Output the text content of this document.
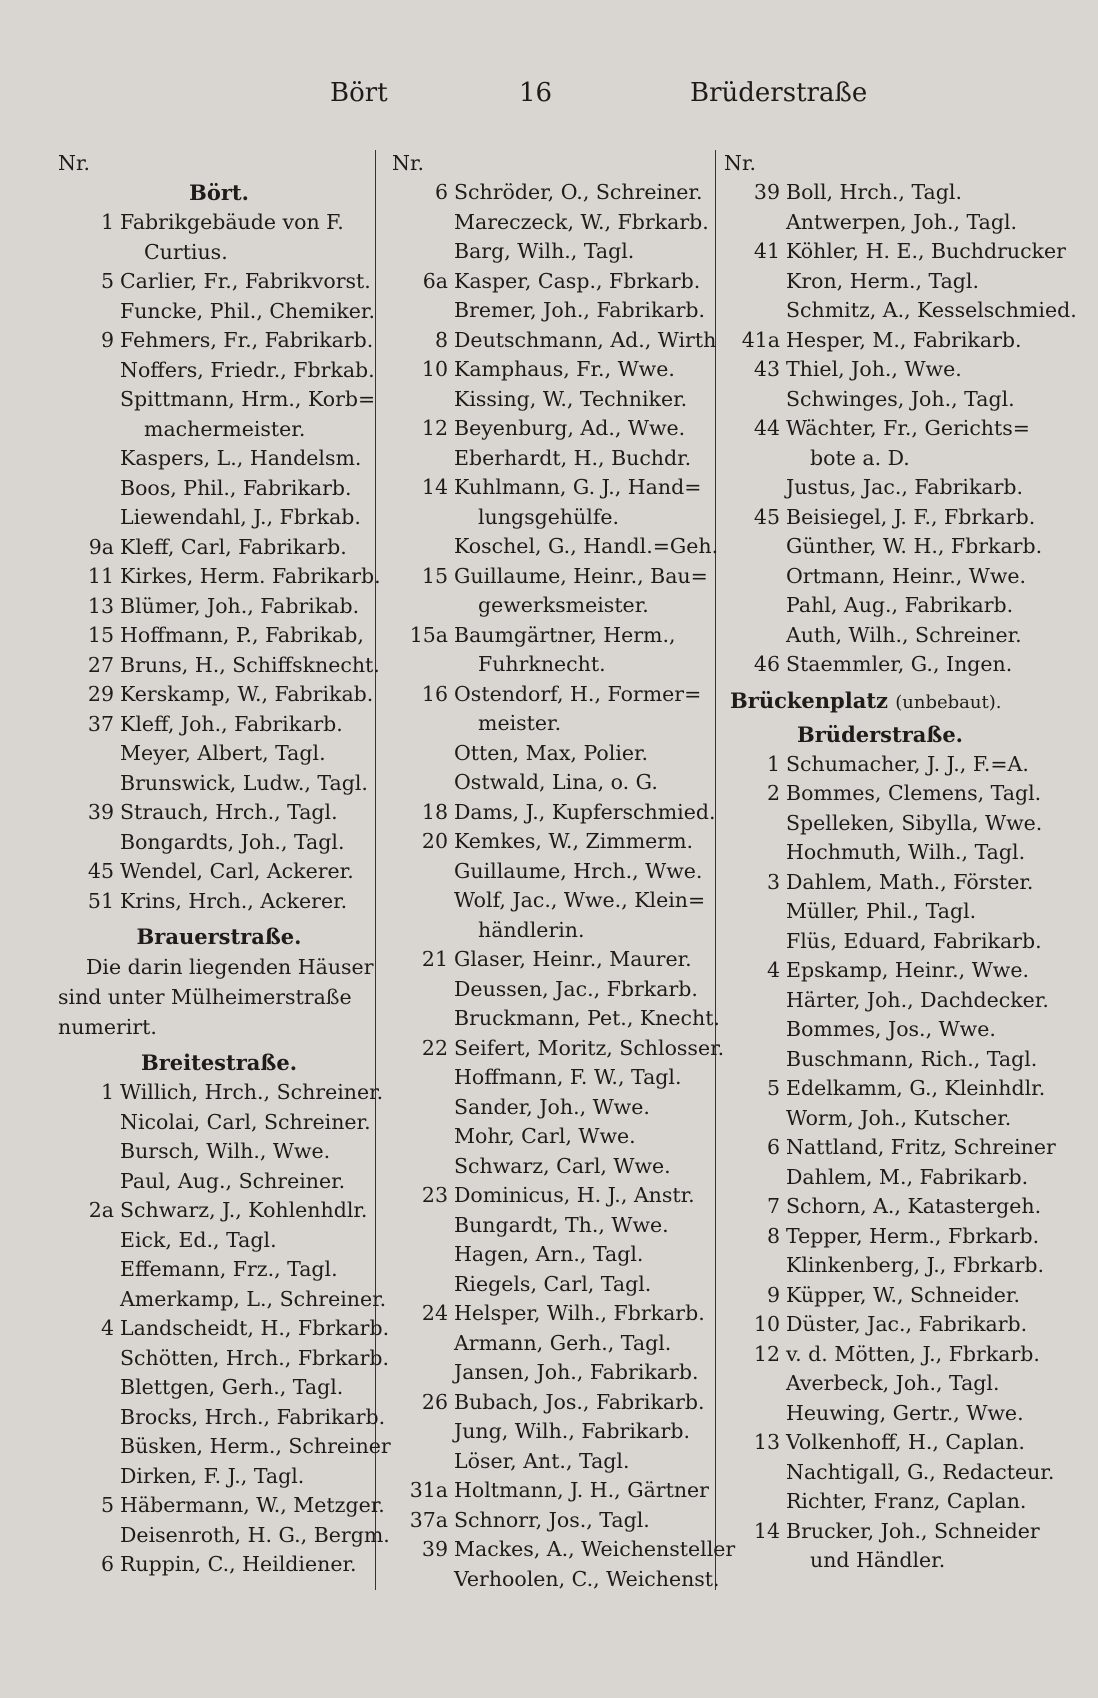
Bört	16	Brüderstraße
Nr.
Bört.
1 Fabrikgebäude von F.
Curtius.
5 Carlier, Fr., Fabrikvorst.
Funcke, Phil., Chemiker.
9 Fehmers, Fr., Fabrikarb.
Noffers, Friedr., Fbrkab.
Spittmann, Hrm., Korb=
machermeister.
Kaspers, L., Handelsm.
Boos, Phil., Fabrikarb.
Liewendahl, J., Fbrkab.
9a Kleff, Carl, Fabrikarb.
11 Kirkes, Herm. Fabrikarb.
13 Blümer, Joh., Fabrikab.
15 Hoffmann, P., Fabrikab,
27 Bruns, H., Schiffsknecht.
29 Kerskamp, W., Fabrikab.
37 Kleff, Joh., Fabrikarb.
Meyer, Albert, Tagl.
Brunswick, Ludw., Tagl.
39 Strauch, Hrch., Tagl.
Bongardts, Joh., Tagl.
45 Wendel, Carl, Ackerer.
51 Krins, Hrch., Ackerer.
Brauerstraße.
Die darin liegenden Häuser
sind unter Mülheimerstraße
numerirt.
Breitestraße.
1 Willich, Hrch., Schreiner.
Nicolai, Carl, Schreiner.
Bursch, Wilh., Wwe.
Paul, Aug., Schreiner.
2a Schwarz, J., Kohlenhdlr.
Eick, Ed., Tagl.
Effemann, Frz., Tagl.
Amerkamp, L., Schreiner.
4 Landscheidt, H., Fbrkarb.
Schötten, Hrch., Fbrkarb.
Blettgen, Gerh., Tagl.
Brocks, Hrch., Fabrikarb.
Büsken, Herm., Schreiner
Dirken, F. J., Tagl.
5 Häbermann, W., Metzger.
Deisenroth, H. G., Bergm.
6 Ruppin, C., Heildiener.
Nr.
6 Schröder, O., Schreiner.
Mareczeck, W., Fbrkarb.
Barg, Wilh., Tagl.
6a Kasper, Casp., Fbrkarb.
Bremer, Joh., Fabrikarb.
8 Deutschmann, Ad., Wirth
10 Kamphaus, Fr., Wwe.
Kissing, W., Techniker.
12 Beyenburg, Ad., Wwe.
Eberhardt, H., Buchdr.
14 Kuhlmann, G. J., Hand=
lungsgehülfe.
Koschel, G., Handl.=Geh.
15 Guillaume, Heinr., Bau=
gewerksmeister.
15a Baumgärtner, Herm.,
Fuhrknecht.
16 Ostendorf, H., Former=
meister.
Otten, Max, Polier.
Ostwald, Lina, o. G.
18 Dams, J., Kupferschmied.
20 Kemkes, W., Zimmerm.
Guillaume, Hrch., Wwe.
Wolf, Jac., Wwe., Klein=
händlerin.
21 Glaser, Heinr., Maurer.
Deussen, Jac., Fbrkarb.
Bruckmann, Pet., Knecht.
22 Seifert, Moritz, Schlosser.
Hoffmann, F. W., Tagl.
Sander, Joh., Wwe.
Mohr, Carl, Wwe.
Schwarz, Carl, Wwe.
23 Dominicus, H. J., Anstr.
Bungardt, Th., Wwe.
Hagen, Arn., Tagl.
Riegels, Carl, Tagl.
24 Helsper, Wilh., Fbrkarb.
Armann, Gerh., Tagl.
Jansen, Joh., Fabrikarb.
26 Bubach, Jos., Fabrikarb.
Jung, Wilh., Fabrikarb.
Löser, Ant., Tagl.
31a Holtmann, J. H., Gärtner
37a Schnorr, Jos., Tagl.
39 Mackes, A., Weichensteller
Verhoolen, C., Weichenst.
Nr.
39 Boll, Hrch., Tagl.
Antwerpen, Joh., Tagl.
41 Köhler, H. E., Buchdrucker
Kron, Herm., Tagl.
Schmitz, A., Kesselschmied.
41a Hesper, M., Fabrikarb.
43 Thiel, Joh., Wwe.
Schwinges, Joh., Tagl.
44 Wächter, Fr., Gerichts=
bote a. D.
Justus, Jac., Fabrikarb.
45 Beisiegel, J. F., Fbrkarb.
Günther, W. H., Fbrkarb.
Ortmann, Heinr., Wwe.
Pahl, Aug., Fabrikarb.
Auth, Wilh., Schreiner.
46 Staemmler, G., Ingen.
Brückenplatz (unbebaut).
Brüderstraße.
1 Schumacher, J. J., F.=A.
2 Bommes, Clemens, Tagl.
Spelleken, Sibylla, Wwe.
Hochmuth, Wilh., Tagl.
3 Dahlem, Math., Förster.
Müller, Phil., Tagl.
Flüs, Eduard, Fabrikarb.
4 Epskamp, Heinr., Wwe.
Härter, Joh., Dachdecker.
Bommes, Jos., Wwe.
Buschmann, Rich., Tagl.
5 Edelkamm, G., Kleinhdlr.
Worm, Joh., Kutscher.
6 Nattland, Fritz, Schreiner
Dahlem, M., Fabrikarb.
7 Schorn, A., Katastergeh.
8 Tepper, Herm., Fbrkarb.
Klinkenberg, J., Fbrkarb.
9 Küpper, W., Schneider.
10 Düster, Jac., Fabrikarb.
12 v. d. Mötten, J., Fbrkarb.
Averbeck, Joh., Tagl.
Heuwing, Gertr., Wwe.
13 Volkenhoff, H., Caplan.
Nachtigall, G., Redacteur.
Richter, Franz, Caplan.
14 Brucker, Joh., Schneider
und Händler.
